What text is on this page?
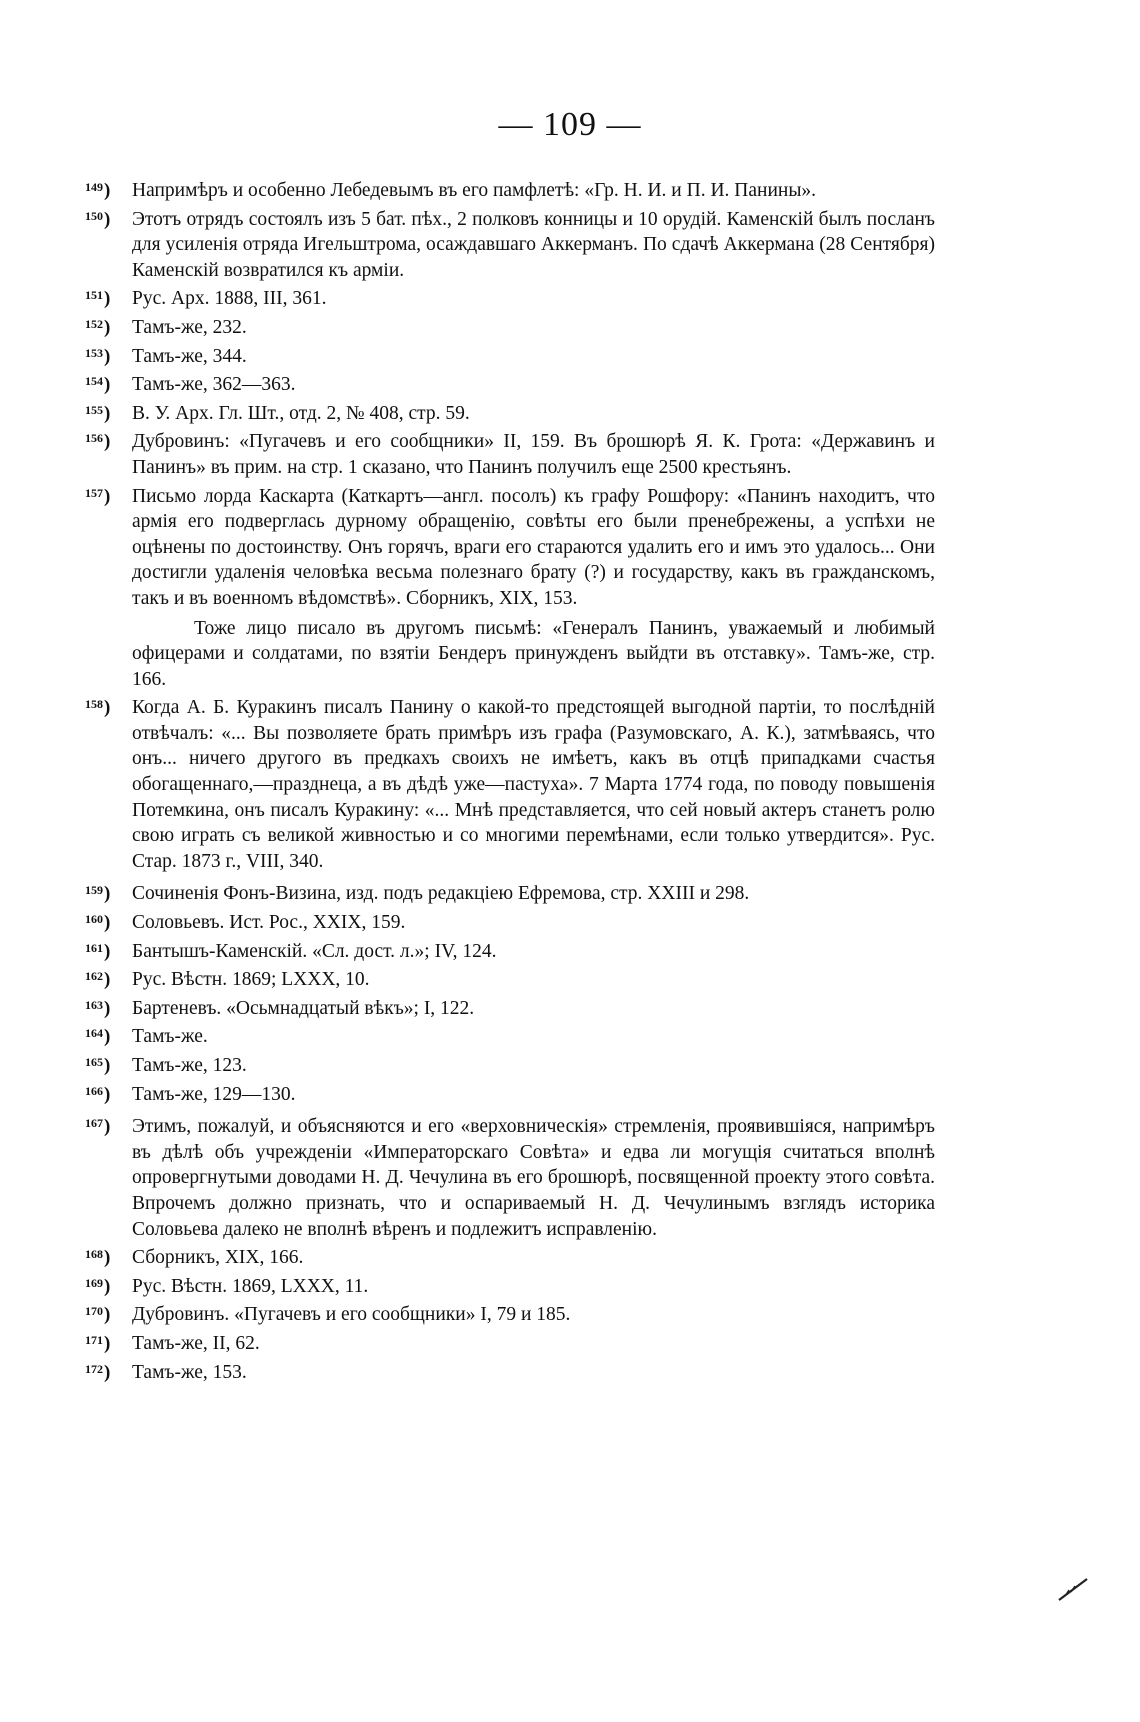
— 109 —
149 )	Напримѣръ и особенно Лебедевымъ въ его памфлетѣ: «Гр. Н. И. и П. И. Панины».
150 )	Этотъ отрядъ состоялъ изъ 5 бат. пѣх., 2 полковъ конницы и 10 орудій. Каменскій былъ посланъ для усиленія отряда Игельштрома, осаждавшаго Аккерманъ. По сдачѣ Аккермана (28 Сентября) Каменскій возвратился къ арміи.
151 )	Рус. Арх. 1888, III, 361.
152 )	Тамъ-же, 232.
153 )	Тамъ-же, 344.
154 )	Тамъ-же, 362—363.
155 )	В. У. Арх. Гл. Шт., отд. 2, № 408, стр. 59.
156 )	Дубровинъ: «Пугачевъ и его сообщники» II, 159. Въ брошюрѣ Я. К. Грота: «Державинъ и Панинъ» въ прим. на стр. 1 сказано, что Панинъ получилъ еще 2500 крестьянъ.
157 )	Письмо лорда Каскарта (Каткартъ—англ. посолъ) къ графу Рошфору: «Панинъ находитъ, что армія его подверглась дурному обращенію, совѣты его были пренебрежены, а успѣхи не оцѣнены по достоинству. Онъ горячъ, враги его стараются удалить его и имъ это удалось... Они достигли удаленія человѣка весьма полезнаго брату (?) и государству, какъ въ гражданскомъ, такъ и въ военномъ вѣдомствѣ». Сборникъ, XIX, 153.
Тоже лицо писало въ другомъ письмѣ: «Генералъ Панинъ, уважаемый и любимый офицерами и солдатами, по взятіи Бендеръ принужденъ выйдти въ отставку». Тамъ-же, стр. 166.
158 )	Когда А. Б. Куракинъ писалъ Панину о какой-то предстоящей выгодной партіи, то послѣдній отвѣчалъ: «... Вы позволяете брать примѣръ изъ графа (Разумовскаго, А. К.), затмѣваясь, что онъ... ничего другого въ предкахъ своихъ не имѣетъ, какъ въ отцѣ припадками счастья обогащеннаго,—празднеца, а въ дѣдѣ уже—пастуха». 7 Марта 1774 года, по поводу повышенія Потемкина, онъ писалъ Куракину: «... Мнѣ представляется, что сей новый актеръ станетъ ролю свою играть съ великой живностью и со многими перемѣнами, если только утвердится». Рус. Стар. 1873 г., VIII, 340.
159 )	Сочиненія Фонъ-Визина, изд. подъ редакціею Ефремова, стр. XXIII и 298.
160 )	Соловьевъ. Ист. Рос., XXIX, 159.
161 )	Бантышъ-Каменскій. «Сл. дост. л.»; IV, 124.
162 )	Рус. Вѣстн. 1869; LXXX, 10.
163 )	Бартеневъ. «Осьмнадцатый вѣкъ»; I, 122.
164 )	Тамъ-же.
165 )	Тамъ-же, 123.
166 )	Тамъ-же, 129—130.
167 )	Этимъ, пожалуй, и объясняются и его «верховническія» стремленія, проявившіяся, напримѣръ въ дѣлѣ объ учрежденіи «Императорскаго Совѣта» и едва ли могущія считаться вполнѣ опровергнутыми доводами Н. Д. Чечулина въ его брошюрѣ, посвященной проекту этого совѣта. Впрочемъ должно признать, что и оспариваемый Н. Д. Чечулинымъ взглядъ историка Соловьева далеко не вполнѣ вѣренъ и подлежитъ исправленію.
168 )	Сборникъ, XIX, 166.
169 )	Рус. Вѣстн. 1869, LXXX, 11.
170 )	Дубровинъ. «Пугачевъ и его сообщники» I, 79 и 185.
171 )	Тамъ-же, II, 62.
172 )	Тамъ-же, 153.
